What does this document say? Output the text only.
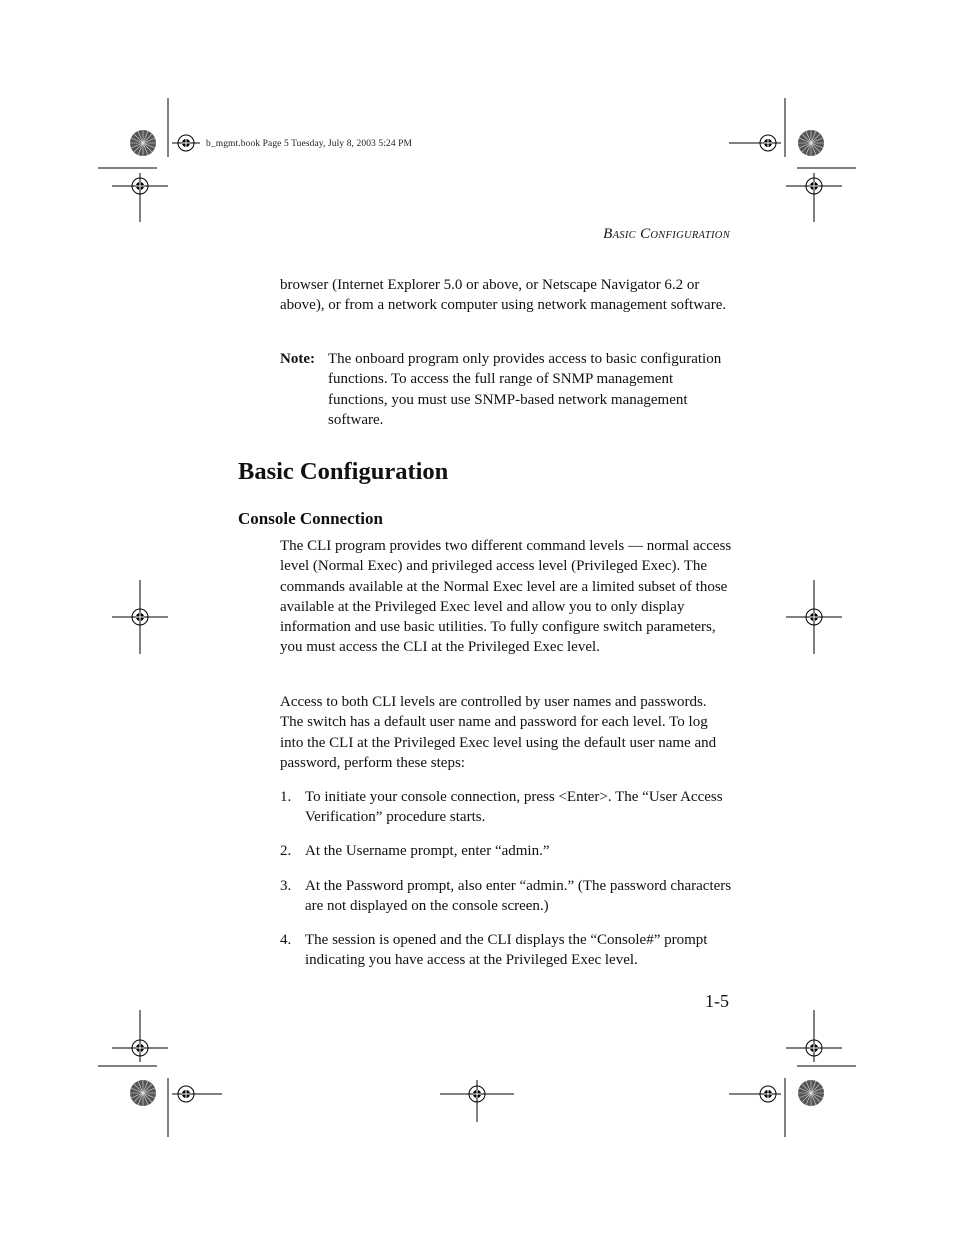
b_mgmt.book Page 5 Tuesday, July 8, 2003 5:24 PM
BASIC CONFIGURATION

browser (Internet Explorer 5.0 or above, or Netscape Navigator 6.2 or above), or from a network computer using network management software.

Note: The onboard program only provides access to basic configuration functions. To access the full range of SNMP management functions, you must use SNMP-based network management software.
Basic Configuration
Console Connection

The CLI program provides two different command levels — normal access level (Normal Exec) and privileged access level (Privileged Exec). The commands available at the Normal Exec level are a limited subset of those available at the Privileged Exec level and allow you to only display information and use basic utilities. To fully configure switch parameters, you must access the CLI at the Privileged Exec level.

Access to both CLI levels are controlled by user names and passwords. The switch has a default user name and password for each level. To log into the CLI at the Privileged Exec level using the default user name and password, perform these steps:

1. To initiate your console connection, press <Enter>. The “User Access Verification” procedure starts.
2. At the Username prompt, enter “admin.”
3. At the Password prompt, also enter “admin.” (The password characters are not displayed on the console screen.)
4. The session is opened and the CLI displays the “Console#” prompt indicating you have access at the Privileged Exec level.
1-5
